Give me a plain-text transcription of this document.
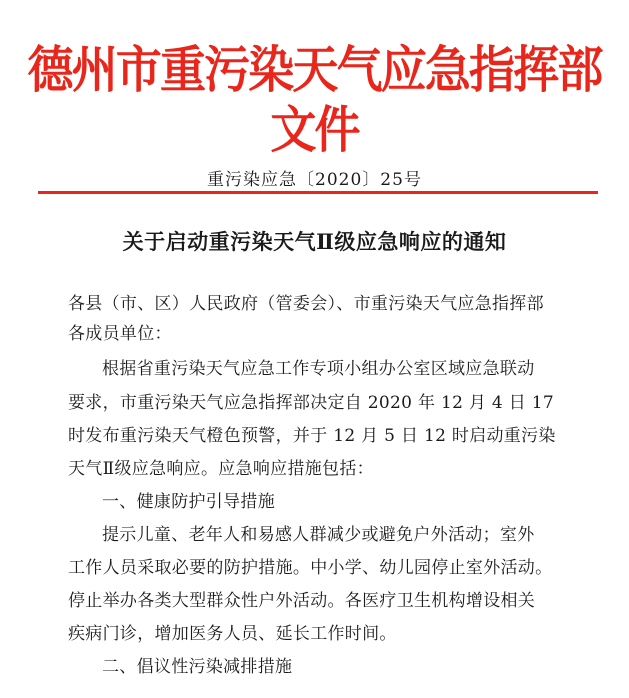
德州市重污染天气应急指挥部文件
重污染应急〔2020〕25号
关于启动重污染天气Ⅱ级应急响应的通知
各县（市、区）人民政府（管委会）、市重污染天气应急指挥部
各成员单位：
根据省重污染天气应急工作专项小组办公室区域应急联动
要求，市重污染天气应急指挥部决定自 2020 年 12 月 4 日 17
时发布重污染天气橙色预警，并于 12 月 5 日 12 时启动重污染
天气Ⅱ级应急响应。应急响应措施包括：
一、健康防护引导措施
提示儿童、老年人和易感人群减少或避免户外活动；室外
工作人员采取必要的防护措施。中小学、幼儿园停止室外活动。
停止举办各类大型群众性户外活动。各医疗卫生机构增设相关
疾病门诊，增加医务人员、延长工作时间。
二、倡议性污染减排措施
